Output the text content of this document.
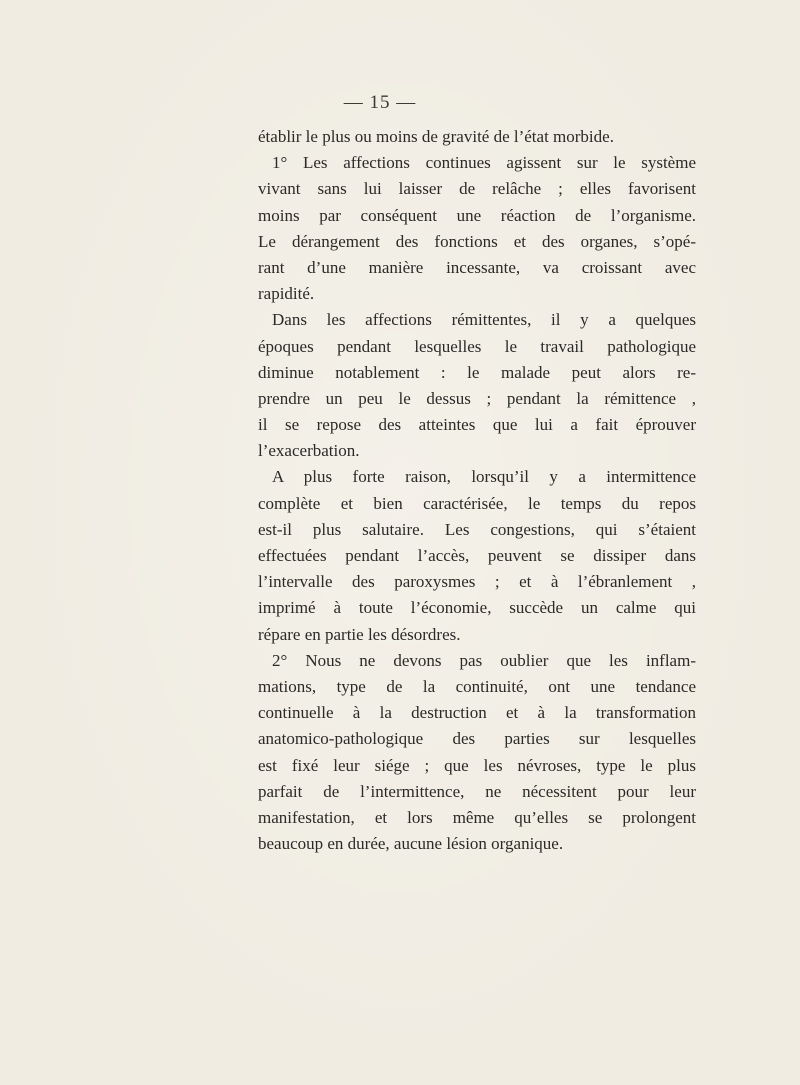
— 15 —
établir le plus ou moins de gravité de l’état morbide.
1° Les affections continues agissent sur le système
vivant sans lui laisser de relâche ; elles favorisent
moins par conséquent une réaction de l’organisme.
Le dérangement des fonctions et des organes, s’opé-
rant d’une manière incessante, va croissant avec
rapidité.
Dans les affections rémittentes, il y a quelques
époques pendant lesquelles le travail pathologique
diminue notablement : le malade peut alors re-
prendre un peu le dessus ; pendant la rémittence ,
il se repose des atteintes que lui a fait éprouver
l’exacerbation.
A plus forte raison, lorsqu’il y a intermittence
complète et bien caractérisée, le temps du repos
est-il plus salutaire. Les congestions, qui s’étaient
effectuées pendant l’accès, peuvent se dissiper dans
l’intervalle des paroxysmes ; et à l’ébranlement ,
imprimé à toute l’économie, succède un calme qui
répare en partie les désordres.
2° Nous ne devons pas oublier que les inflam-
mations, type de la continuité, ont une tendance
continuelle à la destruction et à la transformation
anatomico-pathologique des parties sur lesquelles
est fixé leur siége ; que les névroses, type le plus
parfait de l’intermittence, ne nécessitent pour leur
manifestation, et lors même qu’elles se prolongent
beaucoup en durée, aucune lésion organique.
